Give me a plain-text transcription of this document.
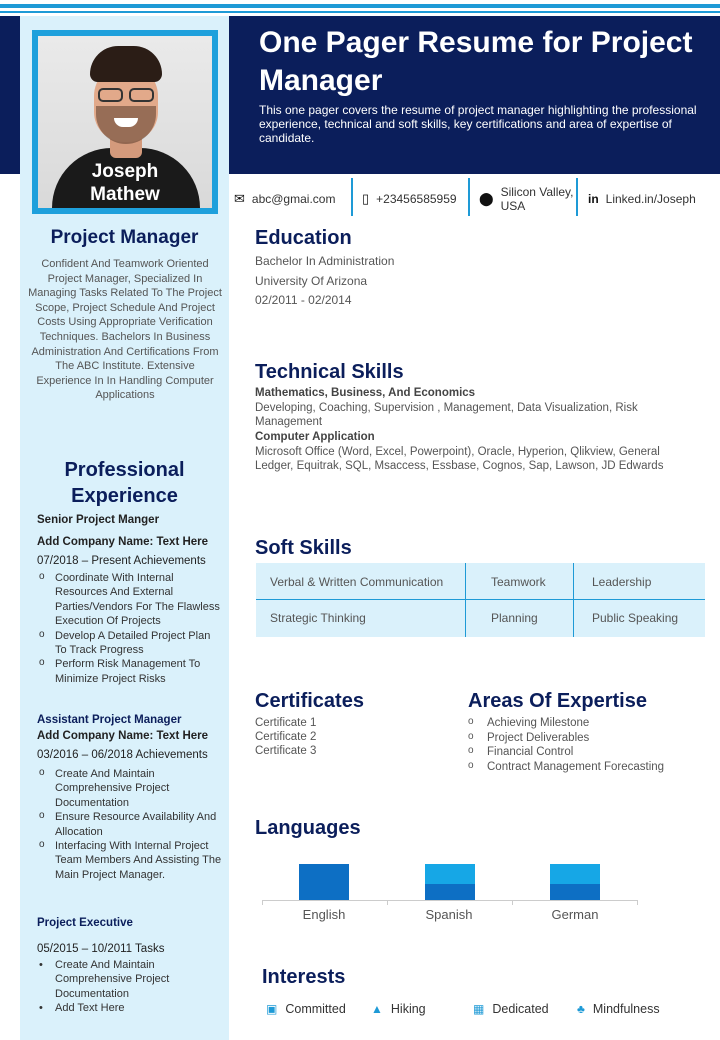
Joseph
Mathew
One Pager Resume for Project Manager
This one pager covers the resume of project manager highlighting the professional experience, technical and soft skills, key certifications and area of expertise of candidate.
✉ abc@gmai.com ▯ +23456585959 ⬤ Silicon Valley,
USA	in Linked.in/Joseph
Project Manager
Confident And Teamwork Oriented Project Manager, Specialized In Managing Tasks Related To The Project Scope, Project Schedule And Project Costs Using Appropriate Verification Techniques. Bachelors In Business Administration And Certifications From The ABC Institute. Extensive Experience In In Handling Computer Applications
Professional
Experience
Senior Project Manger
Add Company Name: Text Here
07/2018 – Present Achievements
o Coordinate With Internal Resources And External Parties/Vendors For The Flawless Execution Of Projects
o Develop A Detailed Project Plan To Track Progress
o Perform Risk Management To Minimize Project Risks
Assistant Project Manager
Add Company Name: Text Here
03/2016 – 06/2018 Achievements
o Create And Maintain Comprehensive Project Documentation
o Ensure Resource Availability And Allocation
o Interfacing With Internal Project Team Members And Assisting The Main Project Manager.
Project Executive
05/2015 – 10/2011 Tasks
• Create And Maintain Comprehensive Project Documentation
• Add Text Here
Education
Bachelor In Administration
University Of Arizona
02/2011 - 02/2014
Technical Skills
Mathematics, Business, And Economics
Developing, Coaching, Supervision , Management, Data Visualization, Risk Management
Computer Application
Microsoft Office (Word, Excel, Powerpoint), Oracle, Hyperion, Qlikview, General Ledger, Equitrak, SQL, Msaccess, Essbase, Cognos, Sap, Lawson, JD Edwards
Soft Skills
Verbal & Written Communication	Teamwork	Leadership
Strategic Thinking	Planning	Public Speaking
Certificates
Certificate 1
Certificate 2
Certificate 3
Areas Of Expertise
o Achieving Milestone
o Project Deliverables
o Financial Control
o Contract Management Forecasting
Languages
English	Spanish	German
Interests
▣ Committed ▲ Hiking	▦ Dedicated ♣ Mindfulness
